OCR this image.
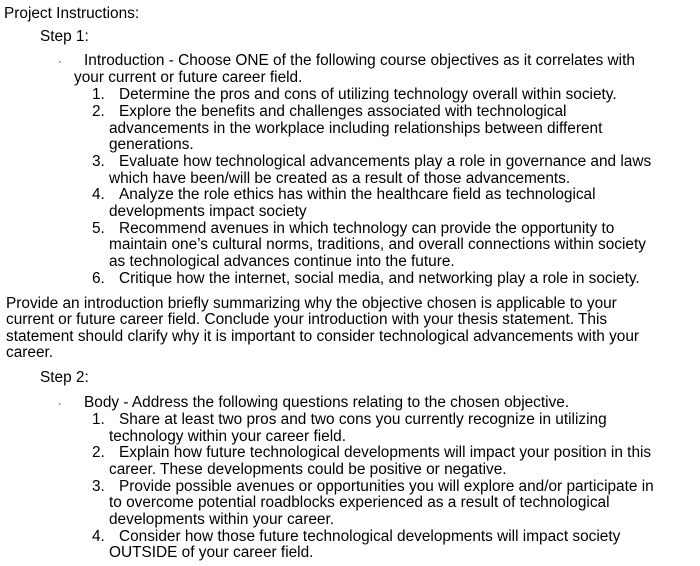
Project Instructions:
Step 1:
· Introduction - Choose ONE of the following course objectives as it correlates with
your current or future career field.
1. Determine the pros and cons of utilizing technology overall within society.
2. Explore the benefits and challenges associated with technological
advancements in the workplace including relationships between different
generations.
3. Evaluate how technological advancements play a role in governance and laws
which have been/will be created as a result of those advancements.
4. Analyze the role ethics has within the healthcare field as technological
developments impact society
5. Recommend avenues in which technology can provide the opportunity to
maintain one’s cultural norms, traditions, and overall connections within society
as technological advances continue into the future.
6. Critique how the internet, social media, and networking play a role in society.
Provide an introduction briefly summarizing why the objective chosen is applicable to your
current or future career field. Conclude your introduction with your thesis statement. This
statement should clarify why it is important to consider technological advancements with your
career.
Step 2:
· Body - Address the following questions relating to the chosen objective.
1. Share at least two pros and two cons you currently recognize in utilizing
technology within your career field.
2. Explain how future technological developments will impact your position in this
career. These developments could be positive or negative.
3. Provide possible avenues or opportunities you will explore and/or participate in
to overcome potential roadblocks experienced as a result of technological
developments within your career.
4. Consider how those future technological developments will impact society
OUTSIDE of your career field.
